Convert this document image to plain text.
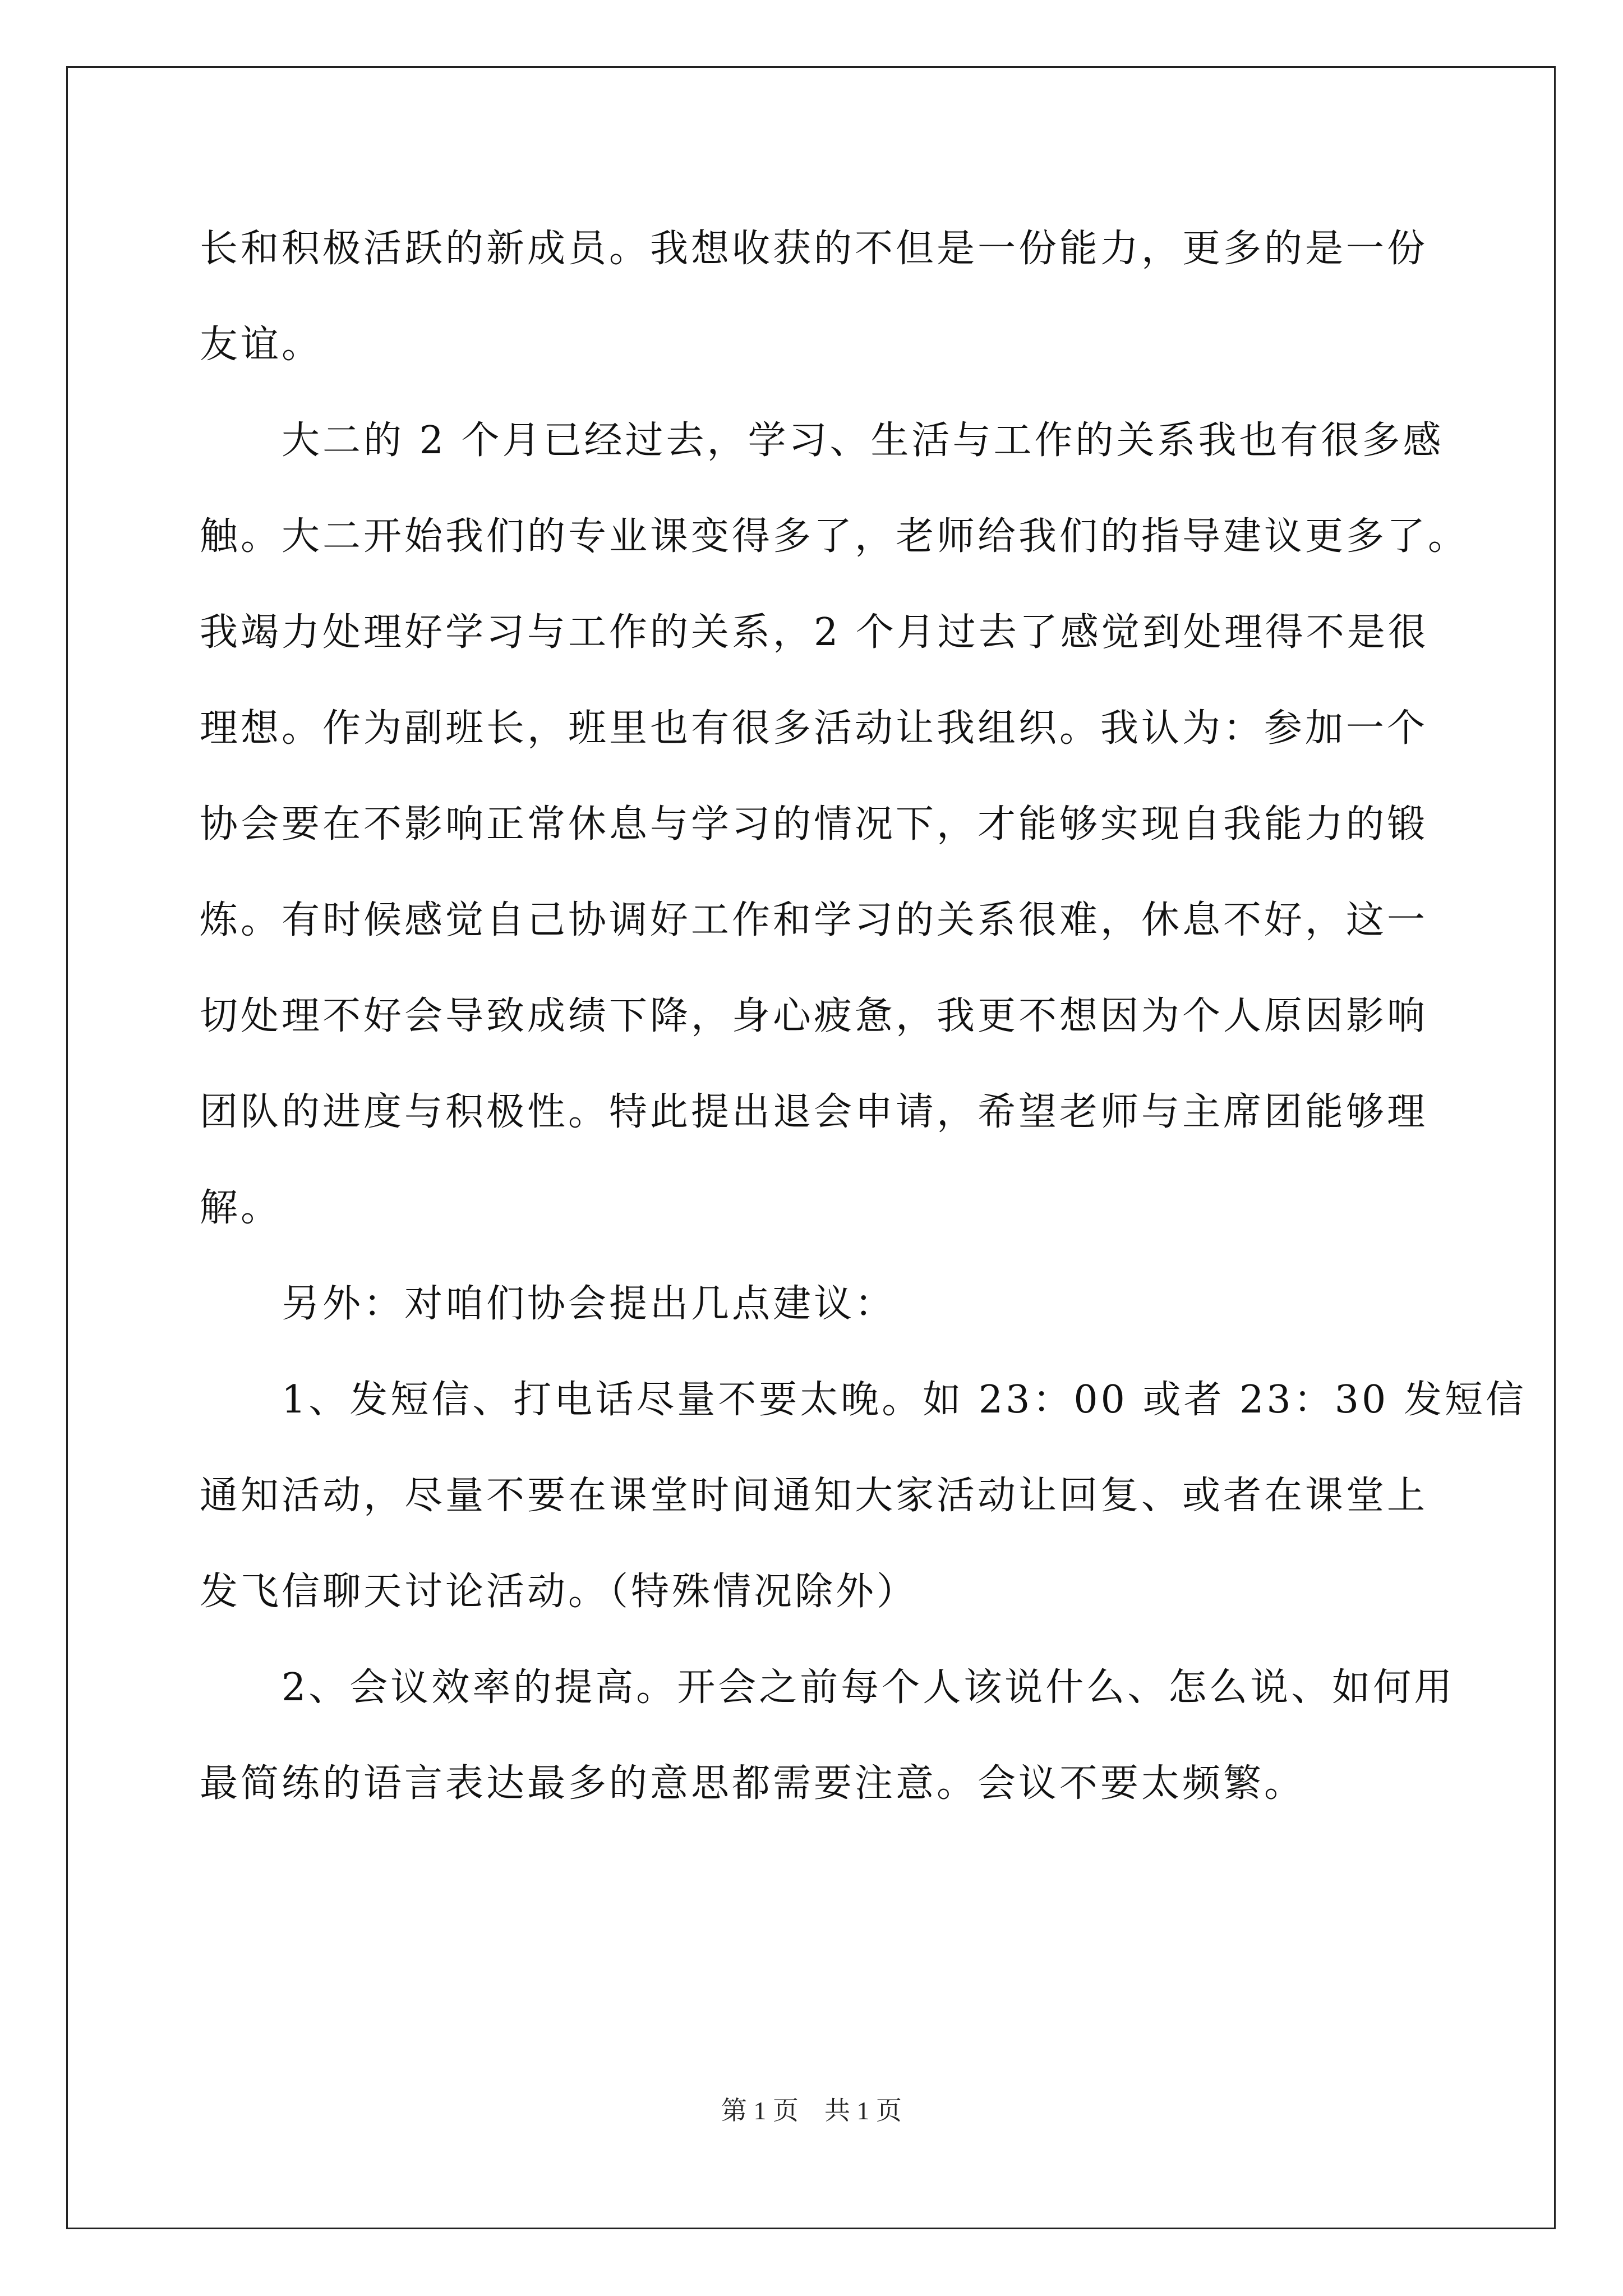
长和积极活跃的新成员。我想收获的不但是一份能力，更多的是一份
友谊。
　　大二的 2 个月已经过去，学习、生活与工作的关系我也有很多感
触。大二开始我们的专业课变得多了，老师给我们的指导建议更多了。
我竭力处理好学习与工作的关系，2 个月过去了感觉到处理得不是很
理想。作为副班长，班里也有很多活动让我组织。我认为：参加一个
协会要在不影响正常休息与学习的情况下，才能够实现自我能力的锻
炼。有时候感觉自己协调好工作和学习的关系很难，休息不好，这一
切处理不好会导致成绩下降，身心疲惫，我更不想因为个人原因影响
团队的进度与积极性。特此提出退会申请，希望老师与主席团能够理
解。
　　另外：对咱们协会提出几点建议：
　　1、发短信、打电话尽量不要太晚。如 23：00 或者 23：30 发短信
通知活动，尽量不要在课堂时间通知大家活动让回复、或者在课堂上
发飞信聊天讨论活动。（特殊情况除外）
　　2、会议效率的提高。开会之前每个人该说什么、怎么说、如何用
最简练的语言表达最多的意思都需要注意。会议不要太频繁。
第 1 页　共 1 页
